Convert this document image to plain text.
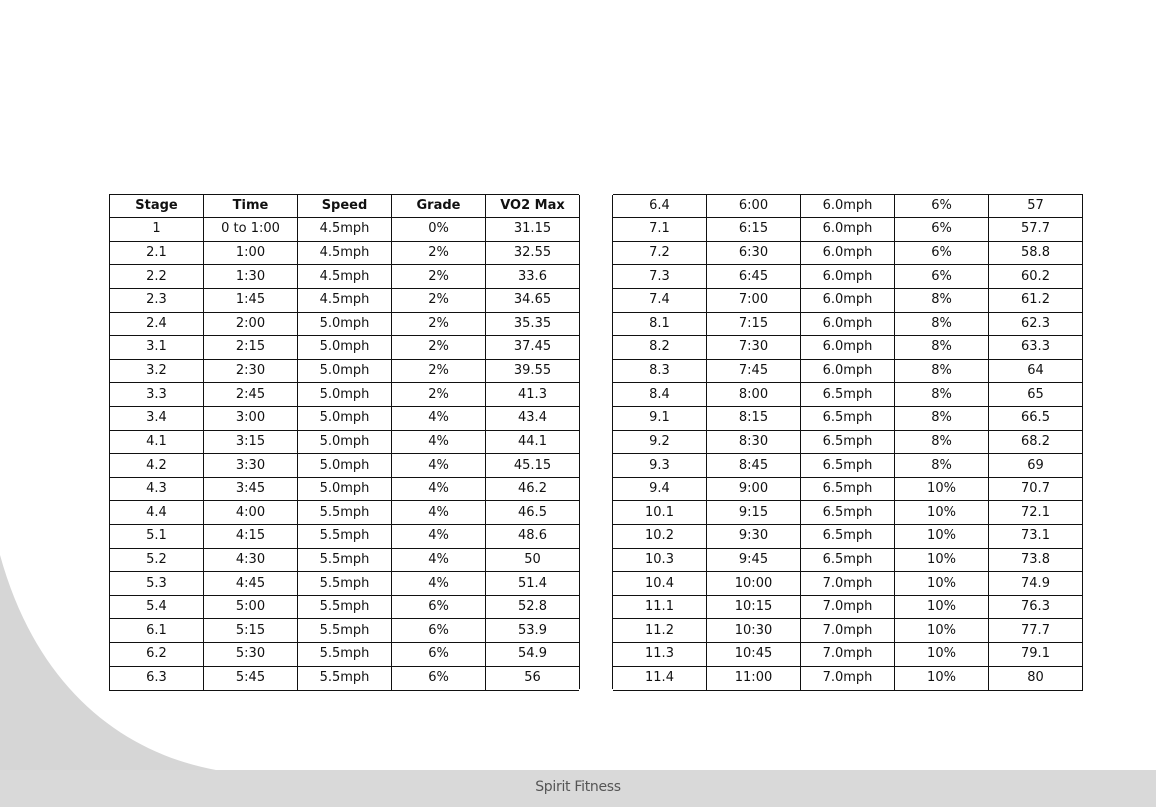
Spirit Fitness
Stage	Time	Speed	Grade	VO2 Max		6.4	6:00	6.0mph	6%	57
1	0 to 1:00	4.5mph	0%	31.15		7.1	6:15	6.0mph	6%	57.7
2.1	1:00	4.5mph	2%	32.55		7.2	6:30	6.0mph	6%	58.8
2.2	1:30	4.5mph	2%	33.6		7.3	6:45	6.0mph	6%	60.2
2.3	1:45	4.5mph	2%	34.65		7.4	7:00	6.0mph	8%	61.2
2.4	2:00	5.0mph	2%	35.35		8.1	7:15	6.0mph	8%	62.3
3.1	2:15	5.0mph	2%	37.45		8.2	7:30	6.0mph	8%	63.3
3.2	2:30	5.0mph	2%	39.55		8.3	7:45	6.0mph	8%	64
3.3	2:45	5.0mph	2%	41.3		8.4	8:00	6.5mph	8%	65
3.4	3:00	5.0mph	4%	43.4		9.1	8:15	6.5mph	8%	66.5
4.1	3:15	5.0mph	4%	44.1		9.2	8:30	6.5mph	8%	68.2
4.2	3:30	5.0mph	4%	45.15		9.3	8:45	6.5mph	8%	69
4.3	3:45	5.0mph	4%	46.2		9.4	9:00	6.5mph	10%	70.7
4.4	4:00	5.5mph	4%	46.5		10.1	9:15	6.5mph	10%	72.1
5.1	4:15	5.5mph	4%	48.6		10.2	9:30	6.5mph	10%	73.1
5.2	4:30	5.5mph	4%	50		10.3	9:45	6.5mph	10%	73.8
5.3	4:45	5.5mph	4%	51.4		10.4	10:00	7.0mph	10%	74.9
5.4	5:00	5.5mph	6%	52.8		11.1	10:15	7.0mph	10%	76.3
6.1	5:15	5.5mph	6%	53.9		11.2	10:30	7.0mph	10%	77.7
6.2	5:30	5.5mph	6%	54.9		11.3	10:45	7.0mph	10%	79.1
6.3	5:45	5.5mph	6%	56		11.4	11:00	7.0mph	10%	80
